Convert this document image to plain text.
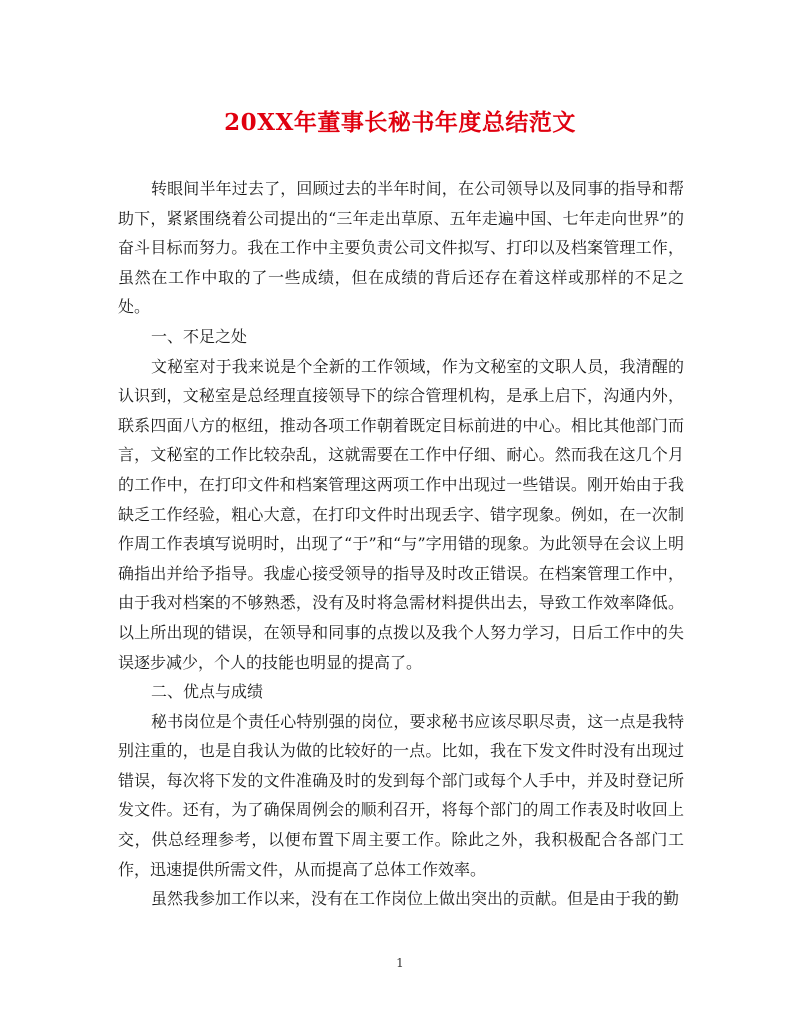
20XX年董事长秘书年度总结范文

转眼间半年过去了，回顾过去的半年时间，在公司领导以及同事的指导和帮助下，紧紧围绕着公司提出的“三年走出草原、五年走遍中国、七年走向世界”的奋斗目标而努力。我在工作中主要负责公司文件拟写、打印以及档案管理工作，虽然在工作中取的了一些成绩，但在成绩的背后还存在着这样或那样的不足之处。

一、不足之处

文秘室对于我来说是个全新的工作领域，作为文秘室的文职人员，我清醒的认识到，文秘室是总经理直接领导下的综合管理机构，是承上启下，沟通内外，联系四面八方的枢纽，推动各项工作朝着既定目标前进的中心。相比其他部门而言，文秘室的工作比较杂乱，这就需要在工作中仔细、耐心。然而我在这几个月的工作中，在打印文件和档案管理这两项工作中出现过一些错误。刚开始由于我缺乏工作经验，粗心大意，在打印文件时出现丢字、错字现象。例如，在一次制作周工作表填写说明时，出现了“于”和“与”字用错的现象。为此领导在会议上明确指出并给予指导。我虚心接受领导的指导及时改正错误。在档案管理工作中，由于我对档案的不够熟悉，没有及时将急需材料提供出去，导致工作效率降低。以上所出现的错误，在领导和同事的点拨以及我个人努力学习，日后工作中的失误逐步减少，个人的技能也明显的提高了。

二、优点与成绩

秘书岗位是个责任心特别强的岗位，要求秘书应该尽职尽责，这一点是我特别注重的，也是自我认为做的比较好的一点。比如，我在下发文件时没有出现过错误，每次将下发的文件准确及时的发到每个部门或每个人手中，并及时登记所发文件。还有，为了确保周例会的顺利召开，将每个部门的周工作表及时收回上交，供总经理参考，以便布置下周主要工作。除此之外，我积极配合各部门工作，迅速提供所需文件，从而提高了总体工作效率。

虽然我参加工作以来，没有在工作岗位上做出突出的贡献。但是由于我的勤

1
